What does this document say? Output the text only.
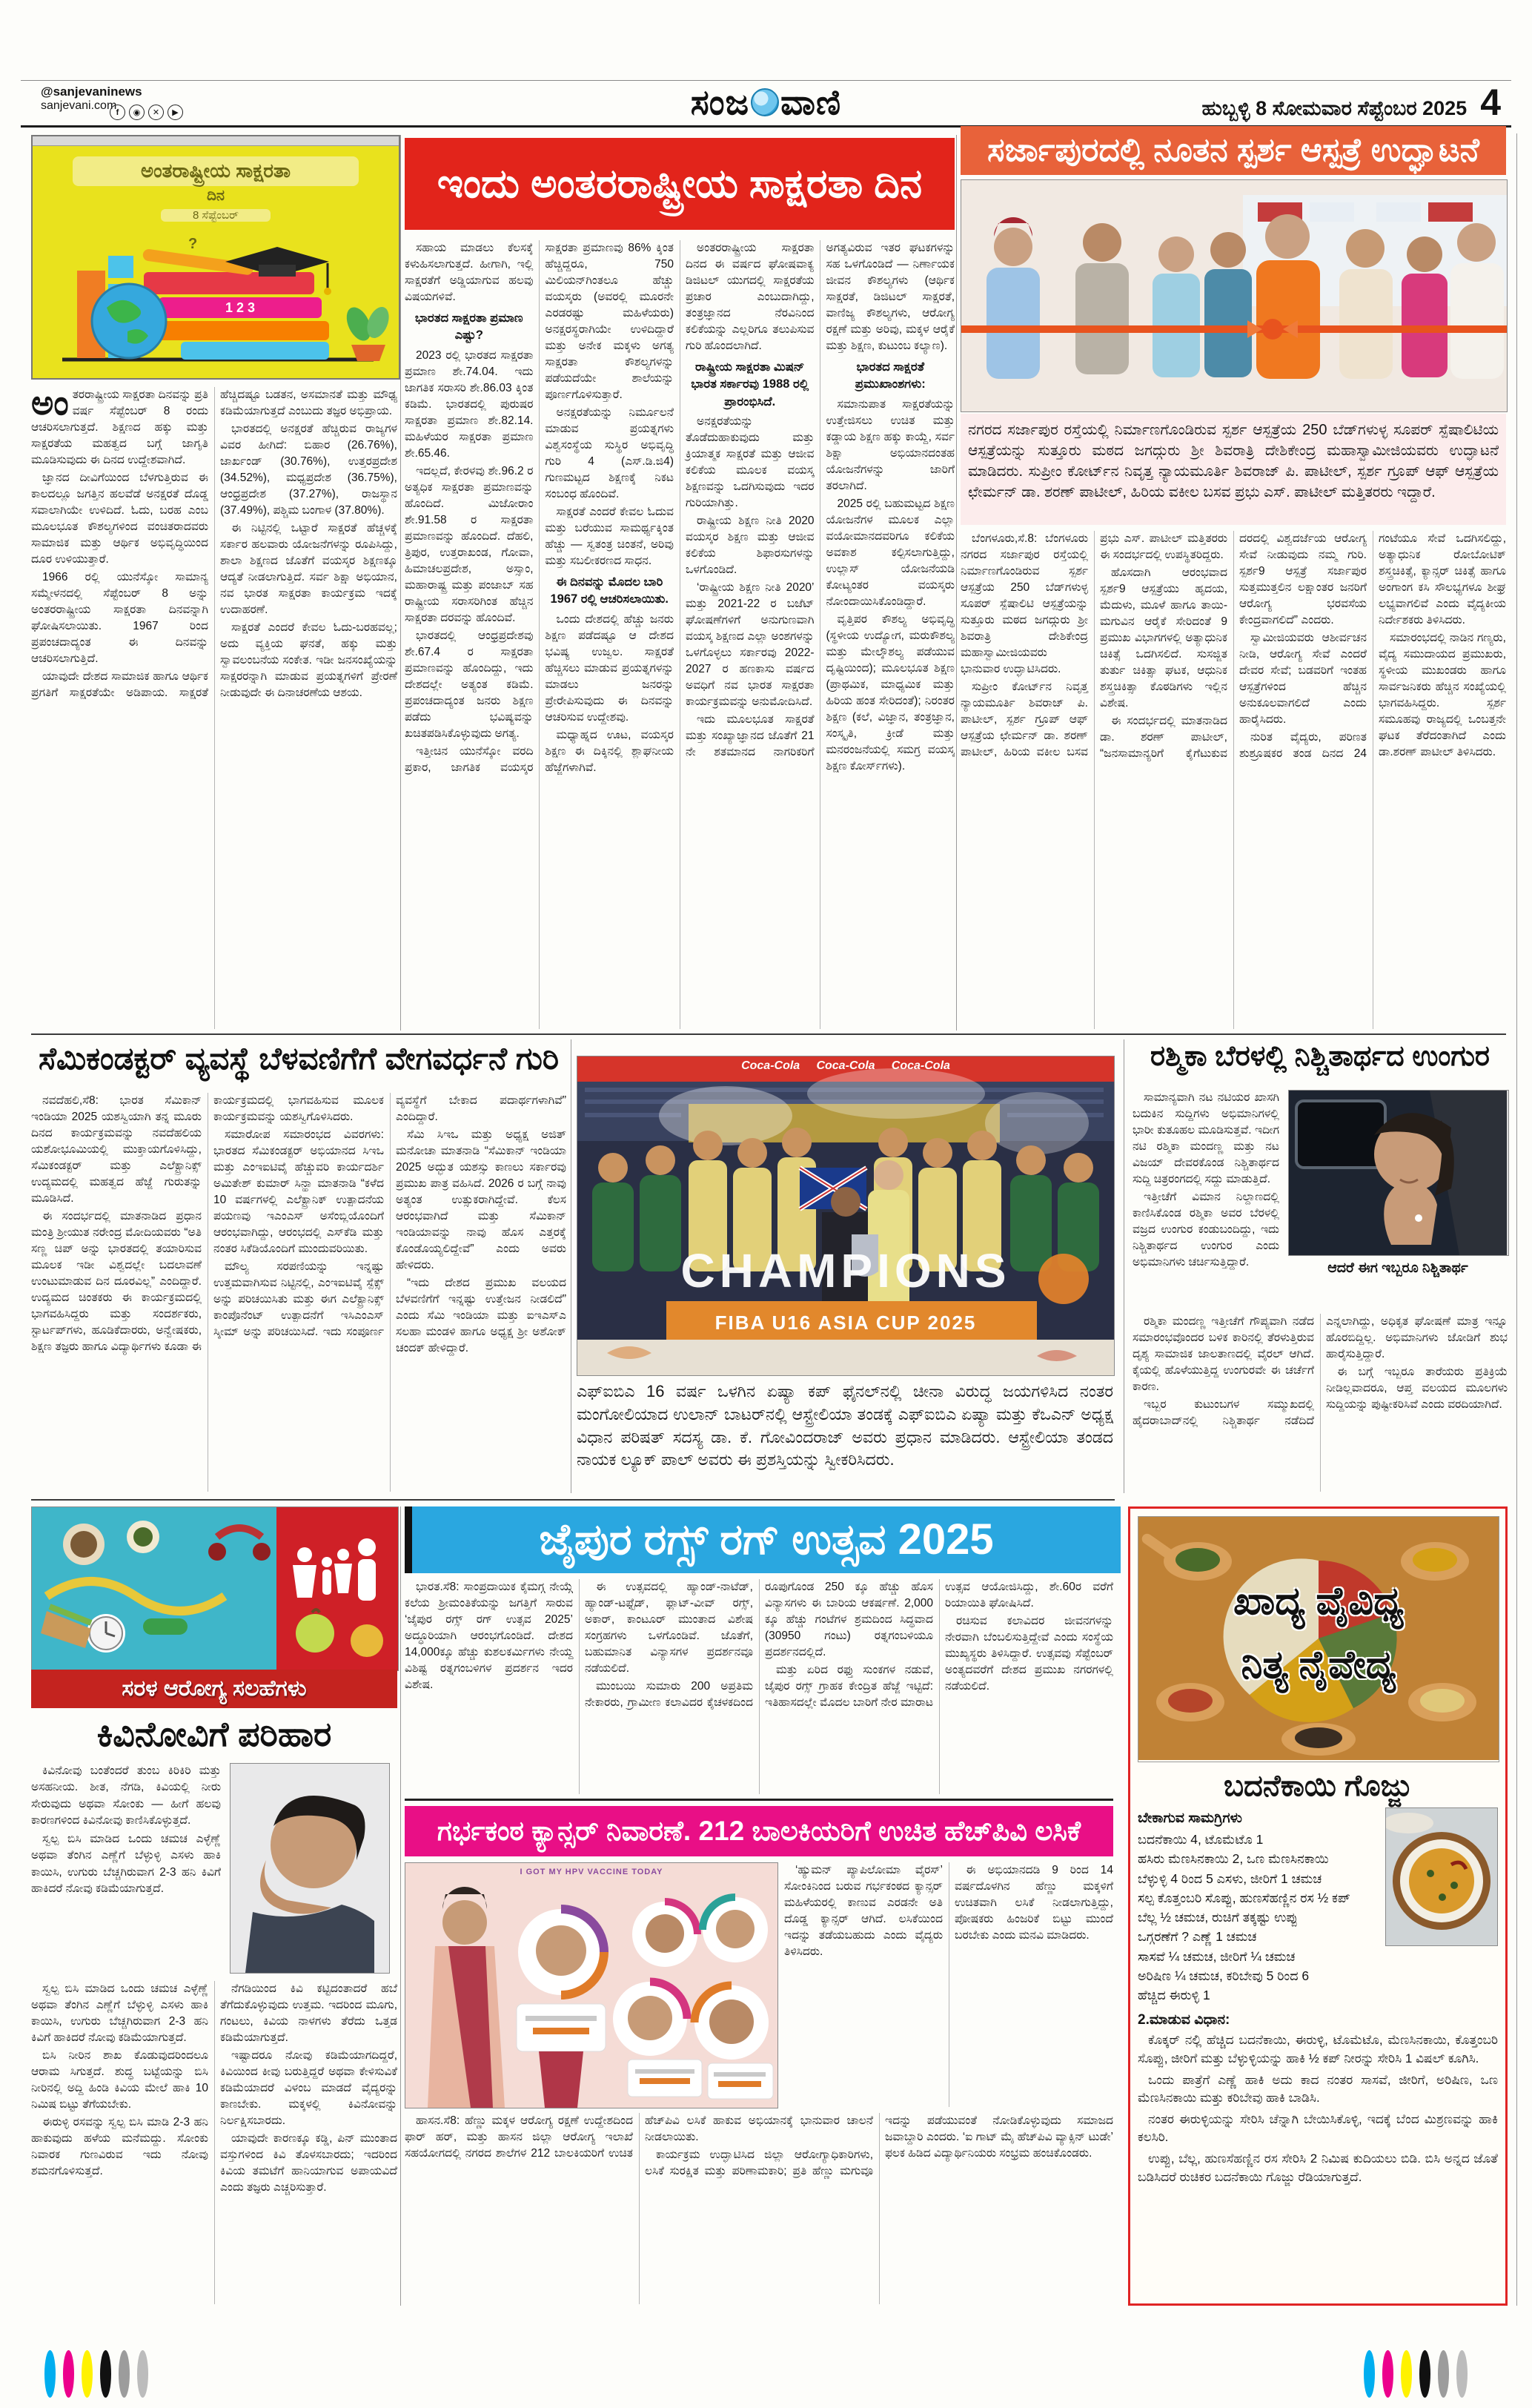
@sanjevaninews
sanjevani.com
f	◉	✕	▶	ಸಂಜ ವಾಣಿ	ಹುಬ್ಬಳ್ಳಿ 8 ಸೋಮವಾರ ಸೆಪ್ಟೆಂಬರ 2025 4
ಅಂತರಾಷ್ಟ್ರೀಯ ಸಾಕ್ಷರತಾ
ದಿನ
8 ಸೆಪ್ಟೆಂಬರ್
1 2 3
?

ಅಂತರರಾಷ್ಟ್ರೀಯ ಸಾಕ್ಷರತಾ ದಿನವನ್ನು ಪ್ರತಿ ವರ್ಷ ಸೆಪ್ಟೆಂಬರ್ 8 ರಂದು ಆಚರಿಸಲಾಗುತ್ತದೆ. ಶಿಕ್ಷಣದ ಹಕ್ಕು ಮತ್ತು ಸಾಕ್ಷರತೆಯ ಮಹತ್ವದ ಬಗ್ಗೆ ಜಾಗೃತಿ ಮೂಡಿಸುವುದು ಈ ದಿನದ ಉದ್ದೇಶವಾಗಿದೆ.

ಜ್ಞಾನದ ದೀವಿಗೆಯಿಂದ ಬೆಳಗುತ್ತಿರುವ ಈ ಕಾಲದಲ್ಲೂ ಜಗತ್ತಿನ ಹಲವೆಡೆ ಅನಕ್ಷರತೆ ದೊಡ್ಡ ಸವಾಲಾಗಿಯೇ ಉಳಿದಿದೆ. ಓದು, ಬರಹ ಎಂಬ ಮೂಲಭೂತ ಕೌಶಲ್ಯಗಳಿಂದ ವಂಚಿತರಾದವರು ಸಾಮಾಜಿಕ ಮತ್ತು ಆರ್ಥಿಕ ಅಭಿವೃದ್ಧಿಯಿಂದ ದೂರ ಉಳಿಯುತ್ತಾರೆ.

1966 ರಲ್ಲಿ ಯುನೆಸ್ಕೋ ಸಾಮಾನ್ಯ ಸಮ್ಮೇಳನದಲ್ಲಿ ಸೆಪ್ಟೆಂಬರ್ 8 ಅನ್ನು ಅಂತರರಾಷ್ಟ್ರೀಯ ಸಾಕ್ಷರತಾ ದಿನವನ್ನಾಗಿ ಘೋಷಿಸಲಾಯಿತು. 1967 ರಿಂದ ಪ್ರಪಂಚದಾದ್ಯಂತ ಈ ದಿನವನ್ನು ಆಚರಿಸಲಾಗುತ್ತಿದೆ.

ಯಾವುದೇ ದೇಶದ ಸಾಮಾಜಿಕ ಹಾಗೂ ಆರ್ಥಿಕ ಪ್ರಗತಿಗೆ ಸಾಕ್ಷರತೆಯೇ ಅಡಿಪಾಯ. ಸಾಕ್ಷರತೆ ಹೆಚ್ಚಿದಷ್ಟೂ ಬಡತನ, ಅಸಮಾನತೆ ಮತ್ತು ಮೌಢ್ಯ ಕಡಿಮೆಯಾಗುತ್ತದೆ ಎಂಬುದು ತಜ್ಞರ ಅಭಿಪ್ರಾಯ.

ಭಾರತದಲ್ಲಿ ಅನಕ್ಷರತೆ ಹೆಚ್ಚಿರುವ ರಾಜ್ಯಗಳ ವಿವರ ಹೀಗಿದೆ: ಬಿಹಾರ (26.76%), ಜಾರ್ಖಂಡ್ (30.76%), ಉತ್ತರಪ್ರದೇಶ (34.52%), ಮಧ್ಯಪ್ರದೇಶ (36.75%), ಆಂಧ್ರಪ್ರದೇಶ (37.27%), ರಾಜಸ್ಥಾನ (37.49%), ಪಶ್ಚಿಮ ಬಂಗಾಳ (37.80%).

ಈ ನಿಟ್ಟಿನಲ್ಲಿ ಒಟ್ಟಾರೆ ಸಾಕ್ಷರತೆ ಹೆಚ್ಚಳಕ್ಕೆ ಸರ್ಕಾರ ಹಲವಾರು ಯೋಜನೆಗಳನ್ನು ರೂಪಿಸಿದ್ದು, ಶಾಲಾ ಶಿಕ್ಷಣದ ಜೊತೆಗೆ ವಯಸ್ಕರ ಶಿಕ್ಷಣಕ್ಕೂ ಆದ್ಯತೆ ನೀಡಲಾಗುತ್ತಿದೆ. ಸರ್ವ ಶಿಕ್ಷಾ ಅಭಿಯಾನ, ನವ ಭಾರತ ಸಾಕ್ಷರತಾ ಕಾರ್ಯಕ್ರಮ ಇದಕ್ಕೆ ಉದಾಹರಣೆ.

ಸಾಕ್ಷರತೆ ಎಂದರೆ ಕೇವಲ ಓದು-ಬರಹವಲ್ಲ; ಅದು ವ್ಯಕ್ತಿಯ ಘನತೆ, ಹಕ್ಕು ಮತ್ತು ಸ್ವಾವಲಂಬನೆಯ ಸಂಕೇತ. ಇಡೀ ಜನಸಂಖ್ಯೆಯನ್ನು ಸಾಕ್ಷರರನ್ನಾಗಿ ಮಾಡುವ ಪ್ರಯತ್ನಗಳಿಗೆ ಪ್ರೇರಣೆ ನೀಡುವುದೇ ಈ ದಿನಾಚರಣೆಯ ಆಶಯ.

ಇಂದು ಅಂತರರಾಷ್ಟ್ರೀಯ ಸಾಕ್ಷರತಾ ದಿನ

ಸಹಾಯ ಮಾಡಲು ಕೆಲಸಕ್ಕೆ ಕಳುಹಿಸಲಾಗುತ್ತದೆ. ಹೀಗಾಗಿ, ಇಲ್ಲಿ ಸಾಕ್ಷರತೆಗೆ ಅಡ್ಡಿಯಾಗುವ ಹಲವು ವಿಷಯಗಳಿವೆ.

ಭಾರತದ ಸಾಕ್ಷರತಾ ಪ್ರಮಾಣ ಎಷ್ಟು?

2023 ರಲ್ಲಿ ಭಾರತದ ಸಾಕ್ಷರತಾ ಪ್ರಮಾಣ ಶೇ.74.04. ಇದು ಜಾಗತಿಕ ಸರಾಸರಿ ಶೇ.86.03 ಕ್ಕಿಂತ ಕಡಿಮೆ. ಭಾರತದಲ್ಲಿ ಪುರುಷರ ಸಾಕ್ಷರತಾ ಪ್ರಮಾಣ ಶೇ.82.14. ಮಹಿಳೆಯರ ಸಾಕ್ಷರತಾ ಪ್ರಮಾಣ ಶೇ.65.46.

ಇದಲ್ಲದೆ, ಕೇರಳವು ಶೇ.96.2 ರ ಅತ್ಯಧಿಕ ಸಾಕ್ಷರತಾ ಪ್ರಮಾಣವನ್ನು ಹೊಂದಿದೆ. ಮಿಜೋರಾಂ ಶೇ.91.58 ರ ಸಾಕ್ಷರತಾ ಪ್ರಮಾಣವನ್ನು ಹೊಂದಿದೆ. ದೆಹಲಿ, ತ್ರಿಪುರ, ಉತ್ತರಾಖಂಡ, ಗೋವಾ, ಹಿಮಾಚಲಪ್ರದೇಶ, ಅಸ್ಸಾಂ, ಮಹಾರಾಷ್ಟ್ರ ಮತ್ತು ಪಂಜಾಬ್ ಸಹ ರಾಷ್ಟ್ರೀಯ ಸರಾಸರಿಗಿಂತ ಹೆಚ್ಚಿನ ಸಾಕ್ಷರತಾ ದರವನ್ನು ಹೊಂದಿವೆ.

ಭಾರತದಲ್ಲಿ ಆಂಧ್ರಪ್ರದೇಶವು ಶೇ.67.4 ರ ಸಾಕ್ಷರತಾ ಪ್ರಮಾಣವನ್ನು ಹೊಂದಿದ್ದು, ಇದು ದೇಶದಲ್ಲೇ ಅತ್ಯಂತ ಕಡಿಮೆ. ಪ್ರಪಂಚದಾದ್ಯಂತ ಜನರು ಶಿಕ್ಷಣ ಪಡೆದು ಭವಿಷ್ಯವನ್ನು ಖಚಿತಪಡಿಸಿಕೊಳ್ಳುವುದು ಅಗತ್ಯ.

ಇತ್ತೀಚಿನ ಯುನೆಸ್ಕೋ ವರದಿ ಪ್ರಕಾರ, ಜಾಗತಿಕ ವಯಸ್ಕರ ಸಾಕ್ಷರತಾ ಪ್ರಮಾಣವು 86% ಕ್ಕಿಂತ ಹೆಚ್ಚಿದ್ದರೂ, 750 ಮಿಲಿಯನ್‌ಗಿಂತಲೂ ಹೆಚ್ಚು ವಯಸ್ಕರು (ಅವರಲ್ಲಿ ಮೂರನೇ ಎರಡರಷ್ಟು ಮಹಿಳೆಯರು) ಅನಕ್ಷರಸ್ಥರಾಗಿಯೇ ಉಳಿದಿದ್ದಾರೆ ಮತ್ತು ಅನೇಕ ಮಕ್ಕಳು ಅಗತ್ಯ ಸಾಕ್ಷರತಾ ಕೌಶಲ್ಯಗಳನ್ನು ಪಡೆಯದೆಯೇ ಶಾಲೆಯನ್ನು ಪೂರ್ಣಗೊಳಿಸುತ್ತಾರೆ.

ಅನಕ್ಷರತೆಯನ್ನು ನಿರ್ಮೂಲನೆ ಮಾಡುವ ಪ್ರಯತ್ನಗಳು ವಿಶ್ವಸಂಸ್ಥೆಯ ಸುಸ್ಥಿರ ಅಭಿವೃದ್ಧಿ ಗುರಿ 4 (ಎಸ್.ಡಿ.ಜಿ4) ಗುಣಮಟ್ಟದ ಶಿಕ್ಷಣಕ್ಕೆ ನಿಕಟ ಸಂಬಂಧ ಹೊಂದಿವೆ.

ಸಾಕ್ಷರತೆ ಎಂದರೆ ಕೇವಲ ಓದುವ ಮತ್ತು ಬರೆಯುವ ಸಾಮರ್ಥ್ಯಕ್ಕಿಂತ ಹೆಚ್ಚು — ಸ್ವತಂತ್ರ ಚಿಂತನೆ, ಅರಿವು ಮತ್ತು ಸಬಲೀಕರಣದ ಸಾಧನ.

ಈ ದಿನವನ್ನು ಮೊದಲ ಬಾರಿ 1967 ರಲ್ಲಿ ಆಚರಿಸಲಾಯಿತು.

ಒಂದು ದೇಶದಲ್ಲಿ ಹೆಚ್ಚು ಜನರು ಶಿಕ್ಷಣ ಪಡೆದಷ್ಟೂ ಆ ದೇಶದ ಭವಿಷ್ಯ ಉಜ್ವಲ. ಸಾಕ್ಷರತೆ ಹೆಚ್ಚಿಸಲು ಮಾಡುವ ಪ್ರಯತ್ನಗಳನ್ನು ಮಾಡಲು ಜನರನ್ನು ಪ್ರೇರೇಪಿಸುವುದು ಈ ದಿನವನ್ನು ಆಚರಿಸುವ ಉದ್ದೇಶವು.

ಮಧ್ಯಾಹ್ನದ ಊಟ, ವಯಸ್ಕರ ಶಿಕ್ಷಣ ಈ ದಿಕ್ಕಿನಲ್ಲಿ ಶ್ಲಾಘನೀಯ ಹೆಜ್ಜೆಗಳಾಗಿವೆ.

ಅಂತರರಾಷ್ಟ್ರೀಯ ಸಾಕ್ಷರತಾ ದಿನದ ಈ ವರ್ಷದ ಘೋಷವಾಕ್ಯ ಡಿಜಿಟಲ್ ಯುಗದಲ್ಲಿ ಸಾಕ್ಷರತೆಯ ಪ್ರಚಾರ ಎಂಬುದಾಗಿದ್ದು, ತಂತ್ರಜ್ಞಾನದ ನೆರವಿನಿಂದ ಕಲಿಕೆಯನ್ನು ಎಲ್ಲರಿಗೂ ತಲುಪಿಸುವ ಗುರಿ ಹೊಂದಲಾಗಿದೆ.

ರಾಷ್ಟ್ರೀಯ ಸಾಕ್ಷರತಾ ಮಿಷನ್ ಭಾರತ ಸರ್ಕಾರವು 1988 ರಲ್ಲಿ ಪ್ರಾರಂಭಿಸಿದೆ.

ಅನಕ್ಷರತೆಯನ್ನು ತೊಡೆದುಹಾಕುವುದು ಮತ್ತು ಕ್ರಿಯಾತ್ಮಕ ಸಾಕ್ಷರತೆ ಮತ್ತು ಆಜೀವ ಕಲಿಕೆಯ ಮೂಲಕ ವಯಸ್ಕ ಶಿಕ್ಷಣವನ್ನು ಒದಗಿಸುವುದು ಇದರ ಗುರಿಯಾಗಿತ್ತು.

ರಾಷ್ಟ್ರೀಯ ಶಿಕ್ಷಣ ನೀತಿ 2020 ವಯಸ್ಕರ ಶಿಕ್ಷಣ ಮತ್ತು ಆಜೀವ ಕಲಿಕೆಯ ಶಿಫಾರಸುಗಳನ್ನು ಒಳಗೊಂಡಿದೆ.

‘ರಾಷ್ಟ್ರೀಯ ಶಿಕ್ಷಣ ನೀತಿ 2020’ ಮತ್ತು 2021-22 ರ ಬಜೆಟ್ ಘೋಷಣೆಗಳಿಗೆ ಅನುಗುಣವಾಗಿ ವಯಸ್ಕ ಶಿಕ್ಷಣದ ಎಲ್ಲಾ ಅಂಶಗಳನ್ನು ಒಳಗೊಳ್ಳಲು ಸರ್ಕಾರವು 2022-2027 ರ ಹಣಕಾಸು ವರ್ಷದ ಅವಧಿಗೆ ನವ ಭಾರತ ಸಾಕ್ಷರತಾ ಕಾರ್ಯಕ್ರಮವನ್ನು ಅನುಮೋದಿಸಿದೆ.

ಇದು ಮೂಲಭೂತ ಸಾಕ್ಷರತೆ ಮತ್ತು ಸಂಖ್ಯಾಜ್ಞಾನದ ಜೊತೆಗೆ 21 ನೇ ಶತಮಾನದ ನಾಗರಿಕರಿಗೆ ಅಗತ್ಯವಿರುವ ಇತರ ಘಟಕಗಳನ್ನು ಸಹ ಒಳಗೊಂಡಿದೆ — ನಿರ್ಣಾಯಕ ಜೀವನ ಕೌಶಲ್ಯಗಳು (ಆರ್ಥಿಕ ಸಾಕ್ಷರತೆ, ಡಿಜಿಟಲ್ ಸಾಕ್ಷರತೆ, ವಾಣಿಜ್ಯ ಕೌಶಲ್ಯಗಳು, ಆರೋಗ್ಯ ರಕ್ಷಣೆ ಮತ್ತು ಅರಿವು, ಮಕ್ಕಳ ಆರೈಕೆ ಮತ್ತು ಶಿಕ್ಷಣ, ಕುಟುಂಬ ಕಲ್ಯಾಣ).

ಭಾರತದ ಸಾಕ್ಷರತೆ ಪ್ರಮುಖಾಂಶಗಳು:

ಸಮಾನುಪಾತ ಸಾಕ್ಷರತೆಯನ್ನು ಉತ್ತೇಜಿಸಲು ಉಚಿತ ಮತ್ತು ಕಡ್ಡಾಯ ಶಿಕ್ಷಣ ಹಕ್ಕು ಕಾಯ್ದೆ, ಸರ್ವ ಶಿಕ್ಷಾ ಅಭಿಯಾನದಂತಹ ಯೋಜನೆಗಳನ್ನು ಜಾರಿಗೆ ತರಲಾಗಿದೆ.

2025 ರಲ್ಲಿ ಬಹುಮಟ್ಟದ ಶಿಕ್ಷಣ ಯೋಜನೆಗಳ ಮೂಲಕ ಎಲ್ಲಾ ವಯೋಮಾನದವರಿಗೂ ಕಲಿಕೆಯ ಅವಕಾಶ ಕಲ್ಪಿಸಲಾಗುತ್ತಿದ್ದು, ಉಲ್ಲಾಸ್ ಯೋಜನೆಯಡಿ ಕೋಟ್ಯಂತರ ವಯಸ್ಕರು ನೋಂದಾಯಿಸಿಕೊಂಡಿದ್ದಾರೆ.

ವೃತ್ತಿಪರ ಕೌಶಲ್ಯ ಅಭಿವೃದ್ಧಿ (ಸ್ಥಳೀಯ ಉದ್ಯೋಗ, ಮರುಕೌಶಲ್ಯ ಮತ್ತು ಮೇಲ್ಕೌಶಲ್ಯ ಪಡೆಯುವ ದೃಷ್ಟಿಯಿಂದ); ಮೂಲಭೂತ ಶಿಕ್ಷಣ (ಪ್ರಾಥಮಿಕ, ಮಾಧ್ಯಮಿಕ ಮತ್ತು ಹಿರಿಯ ಹಂತ ಸೇರಿದಂತೆ); ನಿರಂತರ ಶಿಕ್ಷಣ (ಕಲೆ, ವಿಜ್ಞಾನ, ತಂತ್ರಜ್ಞಾನ, ಸಂಸ್ಕೃತಿ, ಕ್ರೀಡೆ ಮತ್ತು ಮನರಂಜನೆಯಲ್ಲಿ ಸಮಗ್ರ ವಯಸ್ಕ ಶಿಕ್ಷಣ ಕೋರ್ಸ್‌ಗಳು).

ಸರ್ಜಾಪುರದಲ್ಲಿ ನೂತನ ಸ್ಪರ್ಶ ಆಸ್ಪತ್ರೆ ಉದ್ಘಾಟನೆ
ನಗರದ ಸರ್ಜಾಪುರ ರಸ್ತೆಯಲ್ಲಿ ನಿರ್ಮಾಣಗೊಂಡಿರುವ ಸ್ಪರ್ಶ ಆಸ್ಪತ್ರೆಯ 250 ಬೆಡ್‌ಗಳುಳ್ಳ ಸೂಪರ್ ಸ್ಪೆಷಾಲಿಟಿಯ ಆಸ್ಪತ್ರೆಯನ್ನು ಸುತ್ತೂರು ಮಠದ ಜಗದ್ಗುರು ಶ್ರೀ ಶಿವರಾತ್ರಿ ದೇಶಿಕೇಂದ್ರ ಮಹಾಸ್ವಾಮೀಜಿಯವರು ಉದ್ಘಾಟನೆ ಮಾಡಿದರು. ಸುಪ್ರೀಂ ಕೋರ್ಟ್‌ನ ನಿವೃತ್ತ ನ್ಯಾಯಮೂರ್ತಿ ಶಿವರಾಜ್ ಪಿ. ಪಾಟೀಲ್, ಸ್ಪರ್ಶ ಗ್ರೂಪ್ ಆಫ್ ಆಸ್ಪತ್ರೆಯ ಛೇರ್ಮನ್ ಡಾ. ಶರಣ್ ಪಾಟೀಲ್, ಹಿರಿಯ ವಕೀಲ ಬಸವ ಪ್ರಭು ಎಸ್. ಪಾಟೀಲ್ ಮತ್ತಿತರರು ಇದ್ದಾರೆ.

ಬೆಂಗಳೂರು,ಸೆ.8: ಬೆಂಗಳೂರು ನಗರದ ಸರ್ಜಾಪುರ ರಸ್ತೆಯಲ್ಲಿ ನಿರ್ಮಾಣಗೊಂಡಿರುವ ಸ್ಪರ್ಶ ಆಸ್ಪತ್ರೆಯ 250 ಬೆಡ್‌ಗಳುಳ್ಳ ಸೂಪರ್ ಸ್ಪೆಷಾಲಿಟಿ ಆಸ್ಪತ್ರೆಯನ್ನು ಸುತ್ತೂರು ಮಠದ ಜಗದ್ಗುರು ಶ್ರೀ ಶಿವರಾತ್ರಿ ದೇಶಿಕೇಂದ್ರ ಮಹಾಸ್ವಾಮೀಜಿಯವರು ಭಾನುವಾರ ಉದ್ಘಾಟಿಸಿದರು.

ಸುಪ್ರೀಂ ಕೋರ್ಟ್‌ನ ನಿವೃತ್ತ ನ್ಯಾಯಮೂರ್ತಿ ಶಿವರಾಜ್ ಪಿ. ಪಾಟೀಲ್, ಸ್ಪರ್ಶ ಗ್ರೂಪ್ ಆಫ್ ಆಸ್ಪತ್ರೆಯ ಛೇರ್ಮನ್ ಡಾ. ಶರಣ್ ಪಾಟೀಲ್, ಹಿರಿಯ ವಕೀಲ ಬಸವ ಪ್ರಭು ಎಸ್. ಪಾಟೀಲ್ ಮತ್ತಿತರರು ಈ ಸಂದರ್ಭದಲ್ಲಿ ಉಪಸ್ಥಿತರಿದ್ದರು.

ಹೊಸದಾಗಿ ಆರಂಭವಾದ ಸ್ಪರ್ಶ9 ಆಸ್ಪತ್ರೆಯು ಹೃದಯ, ಮೆದುಳು, ಮೂಳೆ ಹಾಗೂ ತಾಯಿ-ಮಗುವಿನ ಆರೈಕೆ ಸೇರಿದಂತೆ 9 ಪ್ರಮುಖ ವಿಭಾಗಗಳಲ್ಲಿ ಅತ್ಯಾಧುನಿಕ ಚಿಕಿತ್ಸೆ ಒದಗಿಸಲಿದೆ. ಸುಸಜ್ಜಿತ ತುರ್ತು ಚಿಕಿತ್ಸಾ ಘಟಕ, ಆಧುನಿಕ ಶಸ್ತ್ರಚಿಕಿತ್ಸಾ ಕೊಠಡಿಗಳು ಇಲ್ಲಿನ ವಿಶೇಷ.

ಈ ಸಂದರ್ಭದಲ್ಲಿ ಮಾತನಾಡಿದ ಡಾ. ಶರಣ್ ಪಾಟೀಲ್, “ಜನಸಾಮಾನ್ಯರಿಗೆ ಕೈಗೆಟುಕುವ ದರದಲ್ಲಿ ವಿಶ್ವದರ್ಜೆಯ ಆರೋಗ್ಯ ಸೇವೆ ನೀಡುವುದು ನಮ್ಮ ಗುರಿ. ಸ್ಪರ್ಶ9 ಆಸ್ಪತ್ರೆ ಸರ್ಜಾಪುರ ಸುತ್ತಮುತ್ತಲಿನ ಲಕ್ಷಾಂತರ ಜನರಿಗೆ ಆರೋಗ್ಯ ಭರವಸೆಯ ಕೇಂದ್ರವಾಗಲಿದೆ” ಎಂದರು.

ಸ್ವಾಮೀಜಿಯವರು ಆಶೀರ್ವಚನ ನೀಡಿ, ಆರೋಗ್ಯ ಸೇವೆ ಎಂದರೆ ದೇವರ ಸೇವೆ; ಬಡವರಿಗೆ ಇಂತಹ ಆಸ್ಪತ್ರೆಗಳಿಂದ ಹೆಚ್ಚಿನ ಅನುಕೂಲವಾಗಲಿದೆ ಎಂದು ಹಾರೈಸಿದರು.

ನುರಿತ ವೈದ್ಯರು, ಪರಿಣತ ಶುಶ್ರೂಷಕರ ತಂಡ ದಿನದ 24 ಗಂಟೆಯೂ ಸೇವೆ ಒದಗಿಸಲಿದ್ದು, ಅತ್ಯಾಧುನಿಕ ರೋಬೋಟಿಕ್ ಶಸ್ತ್ರಚಿಕಿತ್ಸೆ, ಕ್ಯಾನ್ಸರ್ ಚಿಕಿತ್ಸೆ ಹಾಗೂ ಅಂಗಾಂಗ ಕಸಿ ಸೌಲಭ್ಯಗಳೂ ಶೀಘ್ರ ಲಭ್ಯವಾಗಲಿವೆ ಎಂದು ವೈದ್ಯಕೀಯ ನಿರ್ದೇಶಕರು ತಿಳಿಸಿದರು.

ಸಮಾರಂಭದಲ್ಲಿ ನಾಡಿನ ಗಣ್ಯರು, ವೈದ್ಯ ಸಮುದಾಯದ ಪ್ರಮುಖರು, ಸ್ಥಳೀಯ ಮುಖಂಡರು ಹಾಗೂ ಸಾರ್ವಜನಿಕರು ಹೆಚ್ಚಿನ ಸಂಖ್ಯೆಯಲ್ಲಿ ಭಾಗವಹಿಸಿದ್ದರು. ಸ್ಪರ್ಶ ಸಮೂಹವು ರಾಜ್ಯದಲ್ಲಿ ಒಂಬತ್ತನೇ ಘಟಕ ತೆರೆದಂತಾಗಿದೆ ಎಂದು ಡಾ.ಶರಣ್ ಪಾಟೀಲ್ ತಿಳಿಸಿದರು.

ಸೆಮಿಕಂಡಕ್ಟರ್ ವ್ಯವಸ್ಥೆ ಬೆಳವಣಿಗೆಗೆ ವೇಗವರ್ಧನೆ ಗುರಿ

ನವದೆಹಲಿ,ಸೆ8: ಭಾರತ ಸೆಮಿಕಾನ್ ಇಂಡಿಯಾ 2025 ಯಶಸ್ವಿಯಾಗಿ ತನ್ನ ಮೂರು ದಿನದ ಕಾರ್ಯಕ್ರಮವನ್ನು ನವದೆಹಲಿಯ ಯಶೋಭೂಮಿಯಲ್ಲಿ ಮುಕ್ತಾಯಗೊಳಿಸಿದ್ದು, ಸೆಮಿಕಂಡಕ್ಟರ್ ಮತ್ತು ಎಲೆಕ್ಟ್ರಾನಿಕ್ಸ್ ಉದ್ಯಮದಲ್ಲಿ ಮಹತ್ವದ ಹೆಜ್ಜೆ ಗುರುತನ್ನು ಮೂಡಿಸಿದೆ.

ಈ ಸಂದರ್ಭದಲ್ಲಿ ಮಾತನಾಡಿದ ಪ್ರಧಾನ ಮಂತ್ರಿ ಶ್ರೀಯುತ ನರೇಂದ್ರ ಮೋದಿಯವರು “ಅತಿ ಸಣ್ಣ ಚಿಪ್ ಅನ್ನು ಭಾರತದಲ್ಲಿ ತಯಾರಿಸುವ ಮೂಲಕ ಇಡೀ ವಿಶ್ವದಲ್ಲೇ ಬದಲಾವಣೆ ಉಂಟುಮಾಡುವ ದಿನ ದೂರವಿಲ್ಲ” ಎಂದಿದ್ದಾರೆ. ಉದ್ಯಮದ ಚಿಂತಕರು ಈ ಕಾರ್ಯಕ್ರಮದಲ್ಲಿ ಭಾಗವಹಿಸಿದ್ದರು ಮತ್ತು ಸಂದರ್ಶಕರು, ಸ್ಟಾರ್ಟಪ್‌ಗಳು, ಹೂಡಿಕೆದಾರರು, ಅನ್ವೇಷಕರು, ಶಿಕ್ಷಣ ತಜ್ಞರು ಹಾಗೂ ವಿದ್ಯಾರ್ಥಿಗಳು ಕೂಡಾ ಈ ಕಾರ್ಯಕ್ರಮದಲ್ಲಿ ಭಾಗವಹಿಸುವ ಮೂಲಕ ಕಾರ್ಯಕ್ರಮವನ್ನು ಯಶಸ್ವಿಗೊಳಿಸಿದರು.

ಸಮಾರೋಪ ಸಮಾರಂಭದ ವಿವರಗಳು: ಭಾರತದ ಸೆಮಿಕಂಡಕ್ಟರ್ ಅಭಿಯಾನದ ಸಿಇಒ ಮತ್ತು ಎಂಇಐಟಿವೈ ಹೆಚ್ಚುವರಿ ಕಾರ್ಯದರ್ಶಿ ಅಮಿತೇಶ್ ಕುಮಾರ್ ಸಿನ್ಹಾ ಮಾತನಾಡಿ “ಕಳೆದ 10 ವರ್ಷಗಳಲ್ಲಿ ಎಲೆಕ್ಟ್ರಾನಿಕ್ ಉತ್ಪಾದನೆಯ ಪಯಣವು ಇಎಂಎಸ್ ಅಸೆಂಬ್ಲಿಯೊಂದಿಗೆ ಆರಂಭವಾಗಿದ್ದು, ಆರಂಭದಲ್ಲಿ ಎಸ್‌ಕೆಡಿ ಮತ್ತು ನಂತರ ಸಿಕೆಡಿಯೊಂದಿಗೆ ಮುಂದುವರಿಯಿತು.

ಮೌಲ್ಯ ಸರಪಣಿಯನ್ನು ಇನ್ನಷ್ಟು ಉತ್ತಮವಾಗಿಸುವ ನಿಟ್ಟಿನಲ್ಲಿ, ಎಂಇಐಟಿವೈ ಸ್ಪೆಕ್ಸ್ ಅನ್ನು ಪರಿಚಯಿಸಿತು ಮತ್ತು ಈಗ ಎಲೆಕ್ಟ್ರಾನಿಕ್ಸ್ ಕಾಂಪೊನೆಂಟ್ ಉತ್ಪಾದನೆಗೆ ಇಸಿಎಂಎಸ್ ಸ್ಕೀಮ್ ಅನ್ನು ಪರಿಚಯಿಸಿದೆ. ಇದು ಸಂಪೂರ್ಣ ವ್ಯವಸ್ಥೆಗೆ ಬೇಕಾದ ಪದಾರ್ಥಗಳಾಗಿವೆ” ಎಂದಿದ್ದಾರೆ.

ಸೆಮಿ ಸಿಇಒ ಮತ್ತು ಅಧ್ಯಕ್ಷ ಅಜಿತ್ ಮನೋಚಾ ಮಾತನಾಡಿ “ಸೆಮಿಕಾನ್ ಇಂಡಿಯಾ 2025 ಅದ್ಭುತ ಯಶಸ್ಸು ಕಾಣಲು ಸರ್ಕಾರವು ಪ್ರಮುಖ ಪಾತ್ರ ವಹಿಸಿದೆ. 2026 ರ ಬಗ್ಗೆ ನಾವು ಅತ್ಯಂತ ಉತ್ಸುಕರಾಗಿದ್ದೇವೆ. ಕೆಲಸ ಆರಂಭವಾಗಿದೆ ಮತ್ತು ಸೆಮಿಕಾನ್ ಇಂಡಿಯಾವನ್ನು ನಾವು ಹೊಸ ಎತ್ತರಕ್ಕೆ ಕೊಂಡೊಯ್ಯಲಿದ್ದೇವೆ” ಎಂದು ಅವರು ಹೇಳಿದರು.

“ಇದು ದೇಶದ ಪ್ರಮುಖ ವಲಯದ ಬೆಳವಣಿಗೆಗೆ ಇನ್ನಷ್ಟು ಉತ್ತೇಜನ ನೀಡಲಿದೆ” ಎಂದು ಸೆಮಿ ಇಂಡಿಯಾ ಮತ್ತು ಐಇಎಸ್‌ಎ ಸಲಹಾ ಮಂಡಳಿ ಹಾಗೂ ಅಧ್ಯಕ್ಷ ಶ್ರೀ ಅಶೋಕ್ ಚಂದಕ್ ಹೇಳಿದ್ದಾರೆ.

Coca-Cola Coca-Cola Coca-Cola
CHAMPIONS
FIBA U16 ASIA CUP 2025
ಎಫ್‌ಐಬಿಎ 16 ವರ್ಷ ಒಳಗಿನ ಏಷ್ಯಾ ಕಪ್ ಫೈನಲ್‌ನಲ್ಲಿ ಚೀನಾ ವಿರುದ್ಧ ಜಯಗಳಿಸಿದ ನಂತರ ಮಂಗೋಲಿಯಾದ ಉಲಾನ್ ಬಾಟರ್‌ನಲ್ಲಿ ಆಸ್ಟ್ರೇಲಿಯಾ ತಂಡಕ್ಕೆ ಎಫ್‌ಐಬಿಎ ಏಷ್ಯಾ ಮತ್ತು ಕೆಒಎನ್ ಅಧ್ಯಕ್ಷ ವಿಧಾನ ಪರಿಷತ್ ಸದಸ್ಯ ಡಾ. ಕೆ. ಗೋವಿಂದರಾಜ್ ಅವರು ಪ್ರಧಾನ ಮಾಡಿದರು. ಆಸ್ಟ್ರೇಲಿಯಾ ತಂಡದ ನಾಯಕ ಲ್ಯೂಕ್ ಪಾಲ್ ಅವರು ಈ ಪ್ರಶಸ್ತಿಯನ್ನು ಸ್ವೀಕರಿಸಿದರು.
ರಶ್ಮಿಕಾ ಬೆರಳಲ್ಲಿ ನಿಶ್ಚಿತಾರ್ಥದ ಉಂಗುರ

ಸಾಮಾನ್ಯವಾಗಿ ನಟ ನಟಿಯರ ಖಾಸಗಿ ಬದುಕಿನ ಸುದ್ದಿಗಳು ಅಭಿಮಾನಿಗಳಲ್ಲಿ ಭಾರೀ ಕುತೂಹಲ ಮೂಡಿಸುತ್ತವೆ. ಇದೀಗ ನಟಿ ರಶ್ಮಿಕಾ ಮಂದಣ್ಣ ಮತ್ತು ನಟ ವಿಜಯ್ ದೇವರಕೊಂಡ ನಿಶ್ಚಿತಾರ್ಥದ ಸುದ್ದಿ ಚಿತ್ರರಂಗದಲ್ಲಿ ಸದ್ದು ಮಾಡುತ್ತಿದೆ.

ಇತ್ತೀಚೆಗೆ ವಿಮಾನ ನಿಲ್ದಾಣದಲ್ಲಿ ಕಾಣಿಸಿಕೊಂಡ ರಶ್ಮಿಕಾ ಅವರ ಬೆರಳಲ್ಲಿ ವಜ್ರದ ಉಂಗುರ ಕಂಡುಬಂದಿದ್ದು, ಇದು ನಿಶ್ಚಿತಾರ್ಥದ ಉಂಗುರ ಎಂದು ಅಭಿಮಾನಿಗಳು ಚರ್ಚಿಸುತ್ತಿದ್ದಾರೆ.	ಆದರೆ ಈಗ ಇಬ್ಬರೂ ನಿಶ್ಚಿತಾರ್ಥ

ರಶ್ಮಿಕಾ ಮಂದಣ್ಣ ಇತ್ತೀಚೆಗೆ ಗೌಪ್ಯವಾಗಿ ನಡೆದ ಸಮಾರಂಭವೊಂದರ ಬಳಿಕ ಕಾರಿನಲ್ಲಿ ತೆರಳುತ್ತಿರುವ ದೃಶ್ಯ ಸಾಮಾಜಿಕ ಜಾಲತಾಣದಲ್ಲಿ ವೈರಲ್ ಆಗಿದೆ. ಕೈಯಲ್ಲಿ ಹೊಳೆಯುತ್ತಿದ್ದ ಉಂಗುರವೇ ಈ ಚರ್ಚೆಗೆ ಕಾರಣ.

ಇಬ್ಬರ ಕುಟುಂಬಗಳ ಸಮ್ಮುಖದಲ್ಲಿ ಹೈದರಾಬಾದ್‌ನಲ್ಲಿ ನಿಶ್ಚಿತಾರ್ಥ ನಡೆದಿದೆ ಎನ್ನಲಾಗಿದ್ದು, ಅಧಿಕೃತ ಘೋಷಣೆ ಮಾತ್ರ ಇನ್ನೂ ಹೊರಬಿದ್ದಿಲ್ಲ. ಅಭಿಮಾನಿಗಳು ಜೋಡಿಗೆ ಶುಭ ಹಾರೈಸುತ್ತಿದ್ದಾರೆ.

ಈ ಬಗ್ಗೆ ಇಬ್ಬರೂ ತಾರೆಯರು ಪ್ರತಿಕ್ರಿಯೆ ನೀಡಿಲ್ಲವಾದರೂ, ಆಪ್ತ ವಲಯದ ಮೂಲಗಳು ಸುದ್ದಿಯನ್ನು ಪುಷ್ಟೀಕರಿಸಿವೆ ಎಂದು ವರದಿಯಾಗಿದೆ.

ಸರಳ ಆರೋಗ್ಯ ಸಲಹೆಗಳು
ಕಿವಿನೋವಿಗೆ ಪರಿಹಾರ

ಕಿವಿನೋವು ಬಂತೆಂದರೆ ತುಂಬ ಕಿರಿಕಿರಿ ಮತ್ತು ಅಸಹನೀಯ. ಶೀತ, ನೆಗಡಿ, ಕಿವಿಯಲ್ಲಿ ನೀರು ಸೇರುವುದು ಅಥವಾ ಸೋಂಕು — ಹೀಗೆ ಹಲವು ಕಾರಣಗಳಿಂದ ಕಿವಿನೋವು ಕಾಣಿಸಿಕೊಳ್ಳುತ್ತದೆ.

ಸ್ವಲ್ಪ ಬಿಸಿ ಮಾಡಿದ ಒಂದು ಚಮಚ ಎಳ್ಳೆಣ್ಣೆ ಅಥವಾ ತೆಂಗಿನ ಎಣ್ಣೆಗೆ ಬೆಳ್ಳುಳ್ಳಿ ಎಸಳು ಹಾಕಿ ಕಾಯಿಸಿ, ಉಗುರು ಬೆಚ್ಚಗಿರುವಾಗ 2-3 ಹನಿ ಕಿವಿಗೆ ಹಾಕಿದರೆ ನೋವು ಕಡಿಮೆಯಾಗುತ್ತದೆ.

ಸ್ವಲ್ಪ ಬಿಸಿ ಮಾಡಿದ ಒಂದು ಚಮಚ ಎಳ್ಳೆಣ್ಣೆ ಅಥವಾ ತೆಂಗಿನ ಎಣ್ಣೆಗೆ ಬೆಳ್ಳುಳ್ಳಿ ಎಸಳು ಹಾಕಿ ಕಾಯಿಸಿ, ಉಗುರು ಬೆಚ್ಚಗಿರುವಾಗ 2-3 ಹನಿ ಕಿವಿಗೆ ಹಾಕಿದರೆ ನೋವು ಕಡಿಮೆಯಾಗುತ್ತದೆ.

ಬಿಸಿ ನೀರಿನ ಶಾಖ ಕೊಡುವುದರಿಂದಲೂ ಆರಾಮ ಸಿಗುತ್ತದೆ. ಶುದ್ಧ ಬಟ್ಟೆಯನ್ನು ಬಿಸಿ ನೀರಿನಲ್ಲಿ ಅದ್ದಿ ಹಿಂಡಿ ಕಿವಿಯ ಮೇಲೆ ಹಾಕಿ 10 ನಿಮಿಷ ಬಿಟ್ಟು ತೆಗೆಯಬೇಕು.

ಈರುಳ್ಳಿ ರಸವನ್ನು ಸ್ವಲ್ಪ ಬಿಸಿ ಮಾಡಿ 2-3 ಹನಿ ಹಾಕುವುದು ಹಳೆಯ ಮನೆಮದ್ದು. ಸೋಂಕು ನಿವಾರಕ ಗುಣವಿರುವ ಇದು ನೋವು ಶಮನಗೊಳಿಸುತ್ತದೆ.

ನೆಗಡಿಯಿಂದ ಕಿವಿ ಕಟ್ಟಿದಂತಾದರೆ ಹಬೆ ತೆಗೆದುಕೊಳ್ಳುವುದು ಉತ್ತಮ. ಇದರಿಂದ ಮೂಗು, ಗಂಟಲು, ಕಿವಿಯ ನಾಳಗಳು ತೆರೆದು ಒತ್ತಡ ಕಡಿಮೆಯಾಗುತ್ತದೆ.

ಇಷ್ಟಾದರೂ ನೋವು ಕಡಿಮೆಯಾಗದಿದ್ದರೆ, ಕಿವಿಯಿಂದ ಕೀವು ಬರುತ್ತಿದ್ದರೆ ಅಥವಾ ಕೇಳಿಸುವಿಕೆ ಕಡಿಮೆಯಾದರೆ ವಿಳಂಬ ಮಾಡದೆ ವೈದ್ಯರನ್ನು ಕಾಣಬೇಕು. ಮಕ್ಕಳಲ್ಲಿ ಕಿವಿನೋವನ್ನು ನಿರ್ಲಕ್ಷಿಸಬಾರದು.

ಯಾವುದೇ ಕಾರಣಕ್ಕೂ ಕಡ್ಡಿ, ಪಿನ್ ಮುಂತಾದ ವಸ್ತುಗಳಿಂದ ಕಿವಿ ತೊಳಸಬಾರದು; ಇದರಿಂದ ಕಿವಿಯ ತಮಟೆಗೆ ಹಾನಿಯಾಗುವ ಅಪಾಯವಿದೆ ಎಂದು ತಜ್ಞರು ಎಚ್ಚರಿಸುತ್ತಾರೆ.

ಜೈಪುರ ರಗ್ಸ್ ರಗ್ ಉತ್ಸವ 2025

ಭಾರತ.ಸೆ8: ಸಾಂಪ್ರದಾಯಿಕ ಕೈಮಗ್ಗ ನೇಯ್ಗೆ ಕಲೆಯ ಶ್ರೀಮಂತಿಕೆಯನ್ನು ಜಗತ್ತಿಗೆ ಸಾರುವ ‘ಜೈಪುರ ರಗ್ಸ್ ರಗ್ ಉತ್ಸವ 2025’ ಅದ್ಧೂರಿಯಾಗಿ ಆರಂಭಗೊಂಡಿದೆ. ದೇಶದ 14,000ಕ್ಕೂ ಹೆಚ್ಚು ಕುಶಲಕರ್ಮಿಗಳು ನೇಯ್ದ ವಿಶಿಷ್ಟ ರತ್ನಗಂಬಳಿಗಳ ಪ್ರದರ್ಶನ ಇದರ ವಿಶೇಷ.

ಈ ಉತ್ಸವದಲ್ಲಿ ಹ್ಯಾಂಡ್-ನಾಟೆಡ್, ಹ್ಯಾಂಡ್-ಟಫ್ಟೆಡ್, ಫ್ಲಾಟ್-ವೀವ್ ರಗ್ಸ್, ಅಕಾರ್, ಕಾಂಟೂರ್ ಮುಂತಾದ ವಿಶೇಷ ಸಂಗ್ರಹಗಳು ಒಳಗೊಂಡಿವೆ. ಜೊತೆಗೆ, ಬಹುಮಾನಿತ ವಿನ್ಯಾಸಗಳ ಪ್ರದರ್ಶನವೂ ನಡೆಯಲಿದೆ.

ಮುಂಬಯಿ ಸುಮಾರು 200 ಅಪ್ರತಿಮ ನೇಕಾರರು, ಗ್ರಾಮೀಣ ಕಲಾವಿದರ ಕೈಚಳಕದಿಂದ ರೂಪುಗೊಂಡ 250 ಕ್ಕೂ ಹೆಚ್ಚು ಹೊಸ ವಿನ್ಯಾಸಗಳು ಈ ಬಾರಿಯ ಆಕರ್ಷಣೆ. 2,000 ಕ್ಕೂ ಹೆಚ್ಚು ಗಂಟೆಗಳ ಶ್ರಮದಿಂದ ಸಿದ್ಧವಾದ (30950 ಗಂಟು) ರತ್ನಗಂಬಳಿಯೂ ಪ್ರದರ್ಶನದಲ್ಲಿದೆ.

ಮತ್ತು ಏರಿದ ರಫ್ತು ಸುಂಕಗಳ ನಡುವೆ, ಜೈಪುರ ರಗ್ಸ್ ಗ್ರಾಹಕ ಕೇಂದ್ರಿತ ಹೆಜ್ಜೆ ಇಟ್ಟಿದೆ: ಇತಿಹಾಸದಲ್ಲೇ ಮೊದಲ ಬಾರಿಗೆ ನೇರ ಮಾರಾಟ ಉತ್ಸವ ಆಯೋಜಿಸಿದ್ದು, ಶೇ.60ರ ವರೆಗೆ ರಿಯಾಯಿತಿ ಘೋಷಿಸಿದೆ.

ರಚಿಸುವ ಕಲಾವಿದರ ಜೀವನಗಳನ್ನು ನೇರವಾಗಿ ಬೆಂಬಲಿಸುತ್ತಿದ್ದೇವೆ ಎಂದು ಸಂಸ್ಥೆಯ ಮುಖ್ಯಸ್ಥರು ತಿಳಿಸಿದ್ದಾರೆ. ಉತ್ಸವವು ಸೆಪ್ಟೆಂಬರ್ ಅಂತ್ಯದವರೆಗೆ ದೇಶದ ಪ್ರಮುಖ ನಗರಗಳಲ್ಲಿ ನಡೆಯಲಿದೆ.

ಗರ್ಭಕಂಠ ಕ್ಯಾನ್ಸರ್ ನಿವಾರಣೆ. 212 ಬಾಲಕಿಯರಿಗೆ ಉಚಿತ ಹೆಚ್‌ಪಿವಿ ಲಸಿಕೆ
I GOT MY HPV VACCINE TODAY	‘ಹ್ಯುಮನ್ ಪ್ಯಾಪಿಲೋಮಾ ವೈರಸ್’ ಸೋಂಕಿನಿಂದ ಬರುವ ಗರ್ಭಕಂಠದ ಕ್ಯಾನ್ಸರ್ ಮಹಿಳೆಯರಲ್ಲಿ ಕಾಣುವ ಎರಡನೇ ಅತಿ ದೊಡ್ಡ ಕ್ಯಾನ್ಸರ್ ಆಗಿದೆ. ಲಸಿಕೆಯಿಂದ ಇದನ್ನು ತಡೆಯಬಹುದು ಎಂದು ವೈದ್ಯರು ತಿಳಿಸಿದರು.

ಈ ಅಭಿಯಾನದಡಿ 9 ರಿಂದ 14 ವರ್ಷದೊಳಗಿನ ಹೆಣ್ಣು ಮಕ್ಕಳಿಗೆ ಉಚಿತವಾಗಿ ಲಸಿಕೆ ನೀಡಲಾಗುತ್ತಿದ್ದು, ಪೋಷಕರು ಹಿಂಜರಿಕೆ ಬಿಟ್ಟು ಮುಂದೆ ಬರಬೇಕು ಎಂದು ಮನವಿ ಮಾಡಿದರು.

ಹಾಸನ.ಸೆ8: ಹೆಣ್ಣು ಮಕ್ಕಳ ಆರೋಗ್ಯ ರಕ್ಷಣೆ ಉದ್ದೇಶದಿಂದ ಫಾರ್ ಹರ್, ಮತ್ತು ಹಾಸನ ಜಿಲ್ಲಾ ಆರೋಗ್ಯ ಇಲಾಖೆ ಸಹಯೋಗದಲ್ಲಿ ನಗರದ ಶಾಲೆಗಳ 212 ಬಾಲಕಿಯರಿಗೆ ಉಚಿತ ಹೆಚ್‌ಪಿವಿ ಲಸಿಕೆ ಹಾಕುವ ಅಭಿಯಾನಕ್ಕೆ ಭಾನುವಾರ ಚಾಲನೆ ನೀಡಲಾಯಿತು.

ಕಾರ್ಯಕ್ರಮ ಉದ್ಘಾಟಿಸಿದ ಜಿಲ್ಲಾ ಆರೋಗ್ಯಾಧಿಕಾರಿಗಳು, ಲಸಿಕೆ ಸುರಕ್ಷಿತ ಮತ್ತು ಪರಿಣಾಮಕಾರಿ; ಪ್ರತಿ ಹೆಣ್ಣು ಮಗುವೂ ಇದನ್ನು ಪಡೆಯುವಂತೆ ನೋಡಿಕೊಳ್ಳುವುದು ಸಮಾಜದ ಜವಾಬ್ದಾರಿ ಎಂದರು. ‘ಐ ಗಾಟ್ ಮೈ ಹೆಚ್‌ಪಿವಿ ವ್ಯಾಕ್ಸಿನ್ ಟುಡೇ’ ಫಲಕ ಹಿಡಿದ ವಿದ್ಯಾರ್ಥಿನಿಯರು ಸಂಭ್ರಮ ಹಂಚಿಕೊಂಡರು.

ಖಾದ್ಯ ವೈವಿಧ್ಯ
ನಿತ್ಯ ನೈವೇದ್ಯ
ಬದನೆಕಾಯಿ ಗೊಜ್ಜು
ಬೇಕಾಗುವ ಸಾಮಗ್ರಿಗಳು
ಬದನೆಕಾಯಿ 4, ಟೊಮೆಟೊ 1
ಹಸಿರು ಮೆಣಸಿನಕಾಯಿ 2, ಒಣ ಮೆಣಸಿನಕಾಯಿ
ಬೆಳ್ಳುಳ್ಳಿ 4 ರಿಂದ 5 ಎಸಳು, ಜೀರಿಗೆ 1 ಚಮಚ
ಸಲ್ಪ ಕೊತ್ತಂಬರಿ ಸೊಪ್ಪು, ಹುಣಸೆಹಣ್ಣಿನ ರಸ ½ ಕಪ್
ಬೆಲ್ಲ ½ ಚಮಚ, ರುಚಿಗೆ ತಕ್ಕಷ್ಟು ಉಪ್ಪು
ಒಗ್ಗರಣೆಗೆ ? ಎಣ್ಣೆ 1 ಚಮಚ
ಸಾಸವೆ ¼ ಚಮಚ, ಜೀರಿಗೆ ¼ ಚಮಚ
ಅರಿಷಿಣ ¼ ಚಮಚ, ಕರಿಬೇವು 5 ರಿಂದ 6
ಹೆಚ್ಚಿದ ಈರುಳ್ಳಿ 1
2.ಮಾಡುವ ವಿಧಾನ:

ಕೊಕ್ಕರ್ ನಲ್ಲಿ ಹೆಚ್ಚಿದ ಬದನೆಕಾಯಿ, ಈರುಳ್ಳಿ, ಟೊಮೆಟೊ, ಮೆಣಸಿನಕಾಯಿ, ಕೊತ್ತಂಬರಿ ಸೊಪ್ಪು, ಜೀರಿಗೆ ಮತ್ತು ಬೆಳ್ಳುಳ್ಳಿಯನ್ನು ಹಾಕಿ ½ ಕಪ್ ನೀರನ್ನು ಸೇರಿಸಿ 1 ವಿಷಲ್ ಕೂಗಿಸಿ.

ಒಂದು ಪಾತ್ರೆಗೆ ಎಣ್ಣೆ ಹಾಕಿ ಅದು ಕಾದ ನಂತರ ಸಾಸವೆ, ಜೀರಿಗೆ, ಅರಿಷಿಣ, ಒಣ ಮೆಣಸಿನಕಾಯಿ ಮತ್ತು ಕರಿಬೇವು ಹಾಕಿ ಬಾಡಿಸಿ.

ನಂತರ ಈರುಳ್ಳಿಯನ್ನು ಸೇರಿಸಿ ಚೆನ್ನಾಗಿ ಬೇಯಿಸಿಕೊಳ್ಳಿ, ಇದಕ್ಕೆ ಬೆಂದ ಮಿಶ್ರಣವನ್ನು ಹಾಕಿ ಕಲಸಿರಿ.

ಉಪ್ಪು, ಬೆಲ್ಲ, ಹುಣಸೆಹಣ್ಣಿನ ರಸ ಸೇರಿಸಿ 2 ನಿಮಿಷ ಕುದಿಯಲು ಬಿಡಿ. ಬಿಸಿ ಅನ್ನದ ಜೊತೆ ಬಡಿಸಿದರೆ ರುಚಿಕರ ಬದನೆಕಾಯಿ ಗೊಜ್ಜು ರೆಡಿಯಾಗುತ್ತದೆ.
